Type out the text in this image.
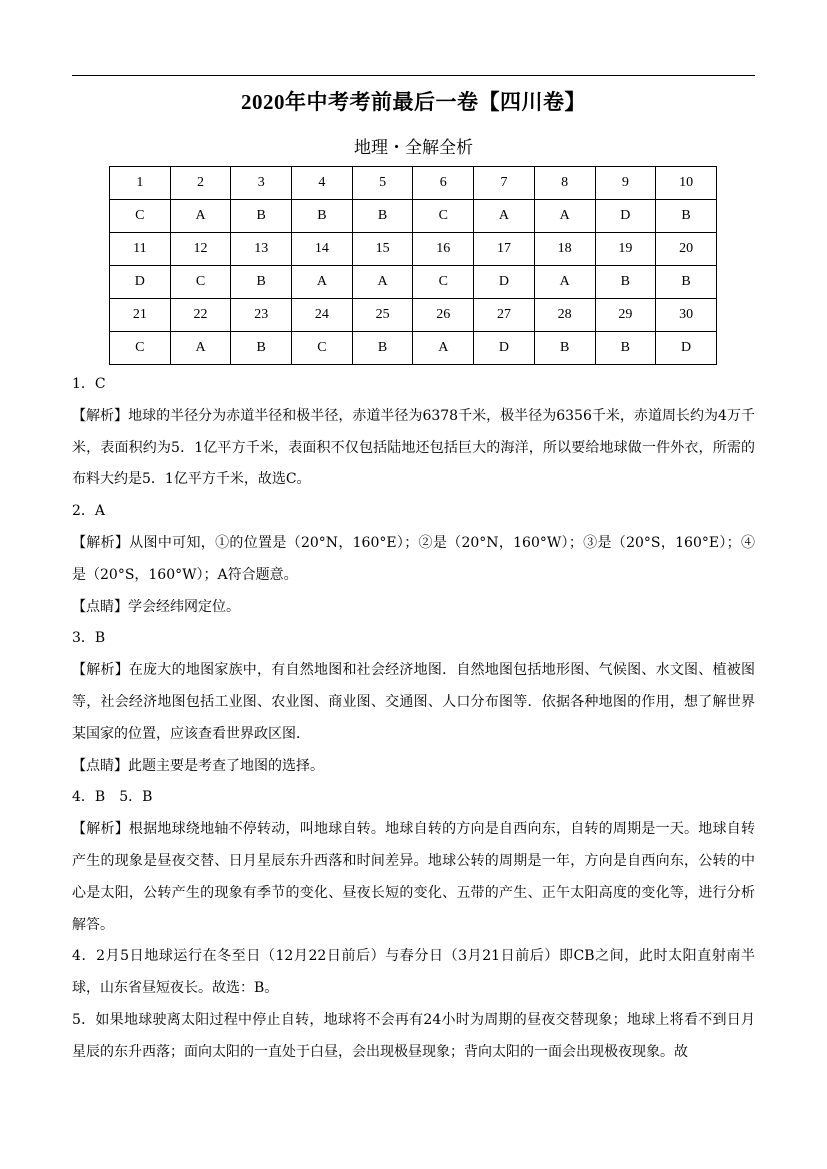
2020年中考考前最后一卷【四川卷】
地理・全解全析
1	2	3	4	5	6	7	8	9	10
C	A	B	B	B	C	A	A	D	B
11	12	13	14	15	16	17	18	19	20
D	C	B	A	A	C	D	A	B	B
21	22	23	24	25	26	27	28	29	30
C	A	B	C	B	A	D	B	B	D

1．C

【解析】地球的半径分为赤道半径和极半径，赤道半径为6378千米，极半径为6356千米，赤道周长约为4万千米，表面积约为5．1亿平方千米，表面积不仅包括陆地还包括巨大的海洋，所以要给地球做一件外衣，所需的布料大约是5．1亿平方千米，故选C。

2．A

【解析】从图中可知，①的位置是（20°N，160°E）；②是（20°N，160°W）；③是（20°S，160°E）；④是（20°S，160°W）；A符合题意。

【点睛】学会经纬网定位。

3．B

【解析】在庞大的地图家族中，有自然地图和社会经济地图．自然地图包括地形图、气候图、水文图、植被图等，社会经济地图包括工业图、农业图、商业图、交通图、人口分布图等．依据各种地图的作用，想了解世界某国家的位置，应该查看世界政区图．

【点睛】此题主要是考查了地图的选择。

4．B　5．B

【解析】根据地球绕地轴不停转动，叫地球自转。地球自转的方向是自西向东，自转的周期是一天。地球自转产生的现象是昼夜交替、日月星辰东升西落和时间差异。地球公转的周期是一年，方向是自西向东，公转的中心是太阳，公转产生的现象有季节的变化、昼夜长短的变化、五带的产生、正午太阳高度的变化等，进行分析解答。

4．2月5日地球运行在冬至日（12月22日前后）与春分日（3月21日前后）即CB之间，此时太阳直射南半球，山东省昼短夜长。故选：B。

5．如果地球驶离太阳过程中停止自转，地球将不会再有24小时为周期的昼夜交替现象；地球上将看不到日月星辰的东升西落；面向太阳的一直处于白昼，会出现极昼现象；背向太阳的一面会出现极夜现象。故
